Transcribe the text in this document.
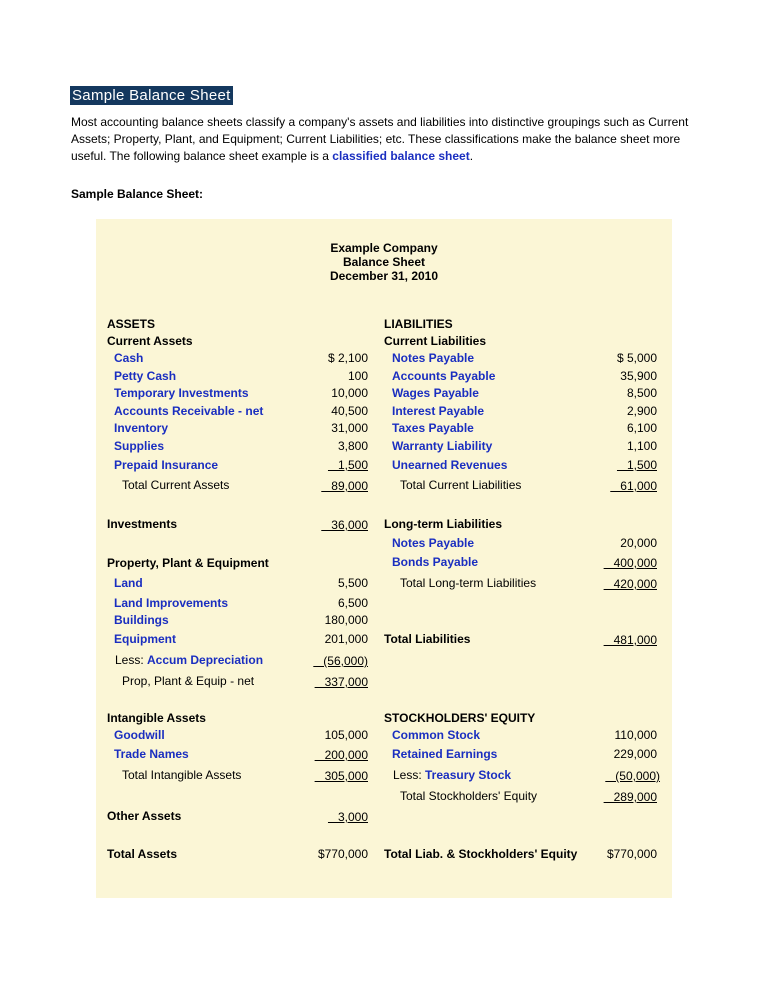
Sample Balance Sheet

Most accounting balance sheets classify a company's assets and liabilities into distinctive groupings such as Current Assets; Property, Plant, and Equipment; Current Liabilities; etc. These classifications make the balance sheet more useful. The following balance sheet example is a classified balance sheet.

Sample Balance Sheet:
Example Company
Balance Sheet
December 31, 2010
ASSETS
Current Assets
Cash	$ 2,100
Petty Cash	100
Temporary Investments	10,000
Accounts Receivable - net	40,500
Inventory	31,000
Supplies	3,800
Prepaid Insurance	1,500
Total Current Assets	89,000
Investments	36,000
Property, Plant & Equipment
Land	5,500
Land Improvements	6,500
Buildings	180,000
Equipment	201,000
Less: Accum Depreciation	(56,000)
Prop, Plant & Equip - net	337,000
Intangible Assets
Goodwill	105,000
Trade Names	200,000
Total Intangible Assets	305,000
Other Assets	3,000
Total Assets	$770,000
LIABILITIES
Current Liabilities
Notes Payable	$ 5,000
Accounts Payable	35,900
Wages Payable	8,500
Interest Payable	2,900
Taxes Payable	6,100
Warranty Liability	1,100
Unearned Revenues	1,500
Total Current Liabilities	61,000
Long-term Liabilities
Notes Payable	20,000
Bonds Payable	400,000
Total Long-term Liabilities	420,000
Total Liabilities	481,000
STOCKHOLDERS' EQUITY
Common Stock	110,000
Retained Earnings	229,000
Less: Treasury Stock	(50,000)
Total Stockholders' Equity	289,000
Total Liab. & Stockholders' Equity	$770,000
